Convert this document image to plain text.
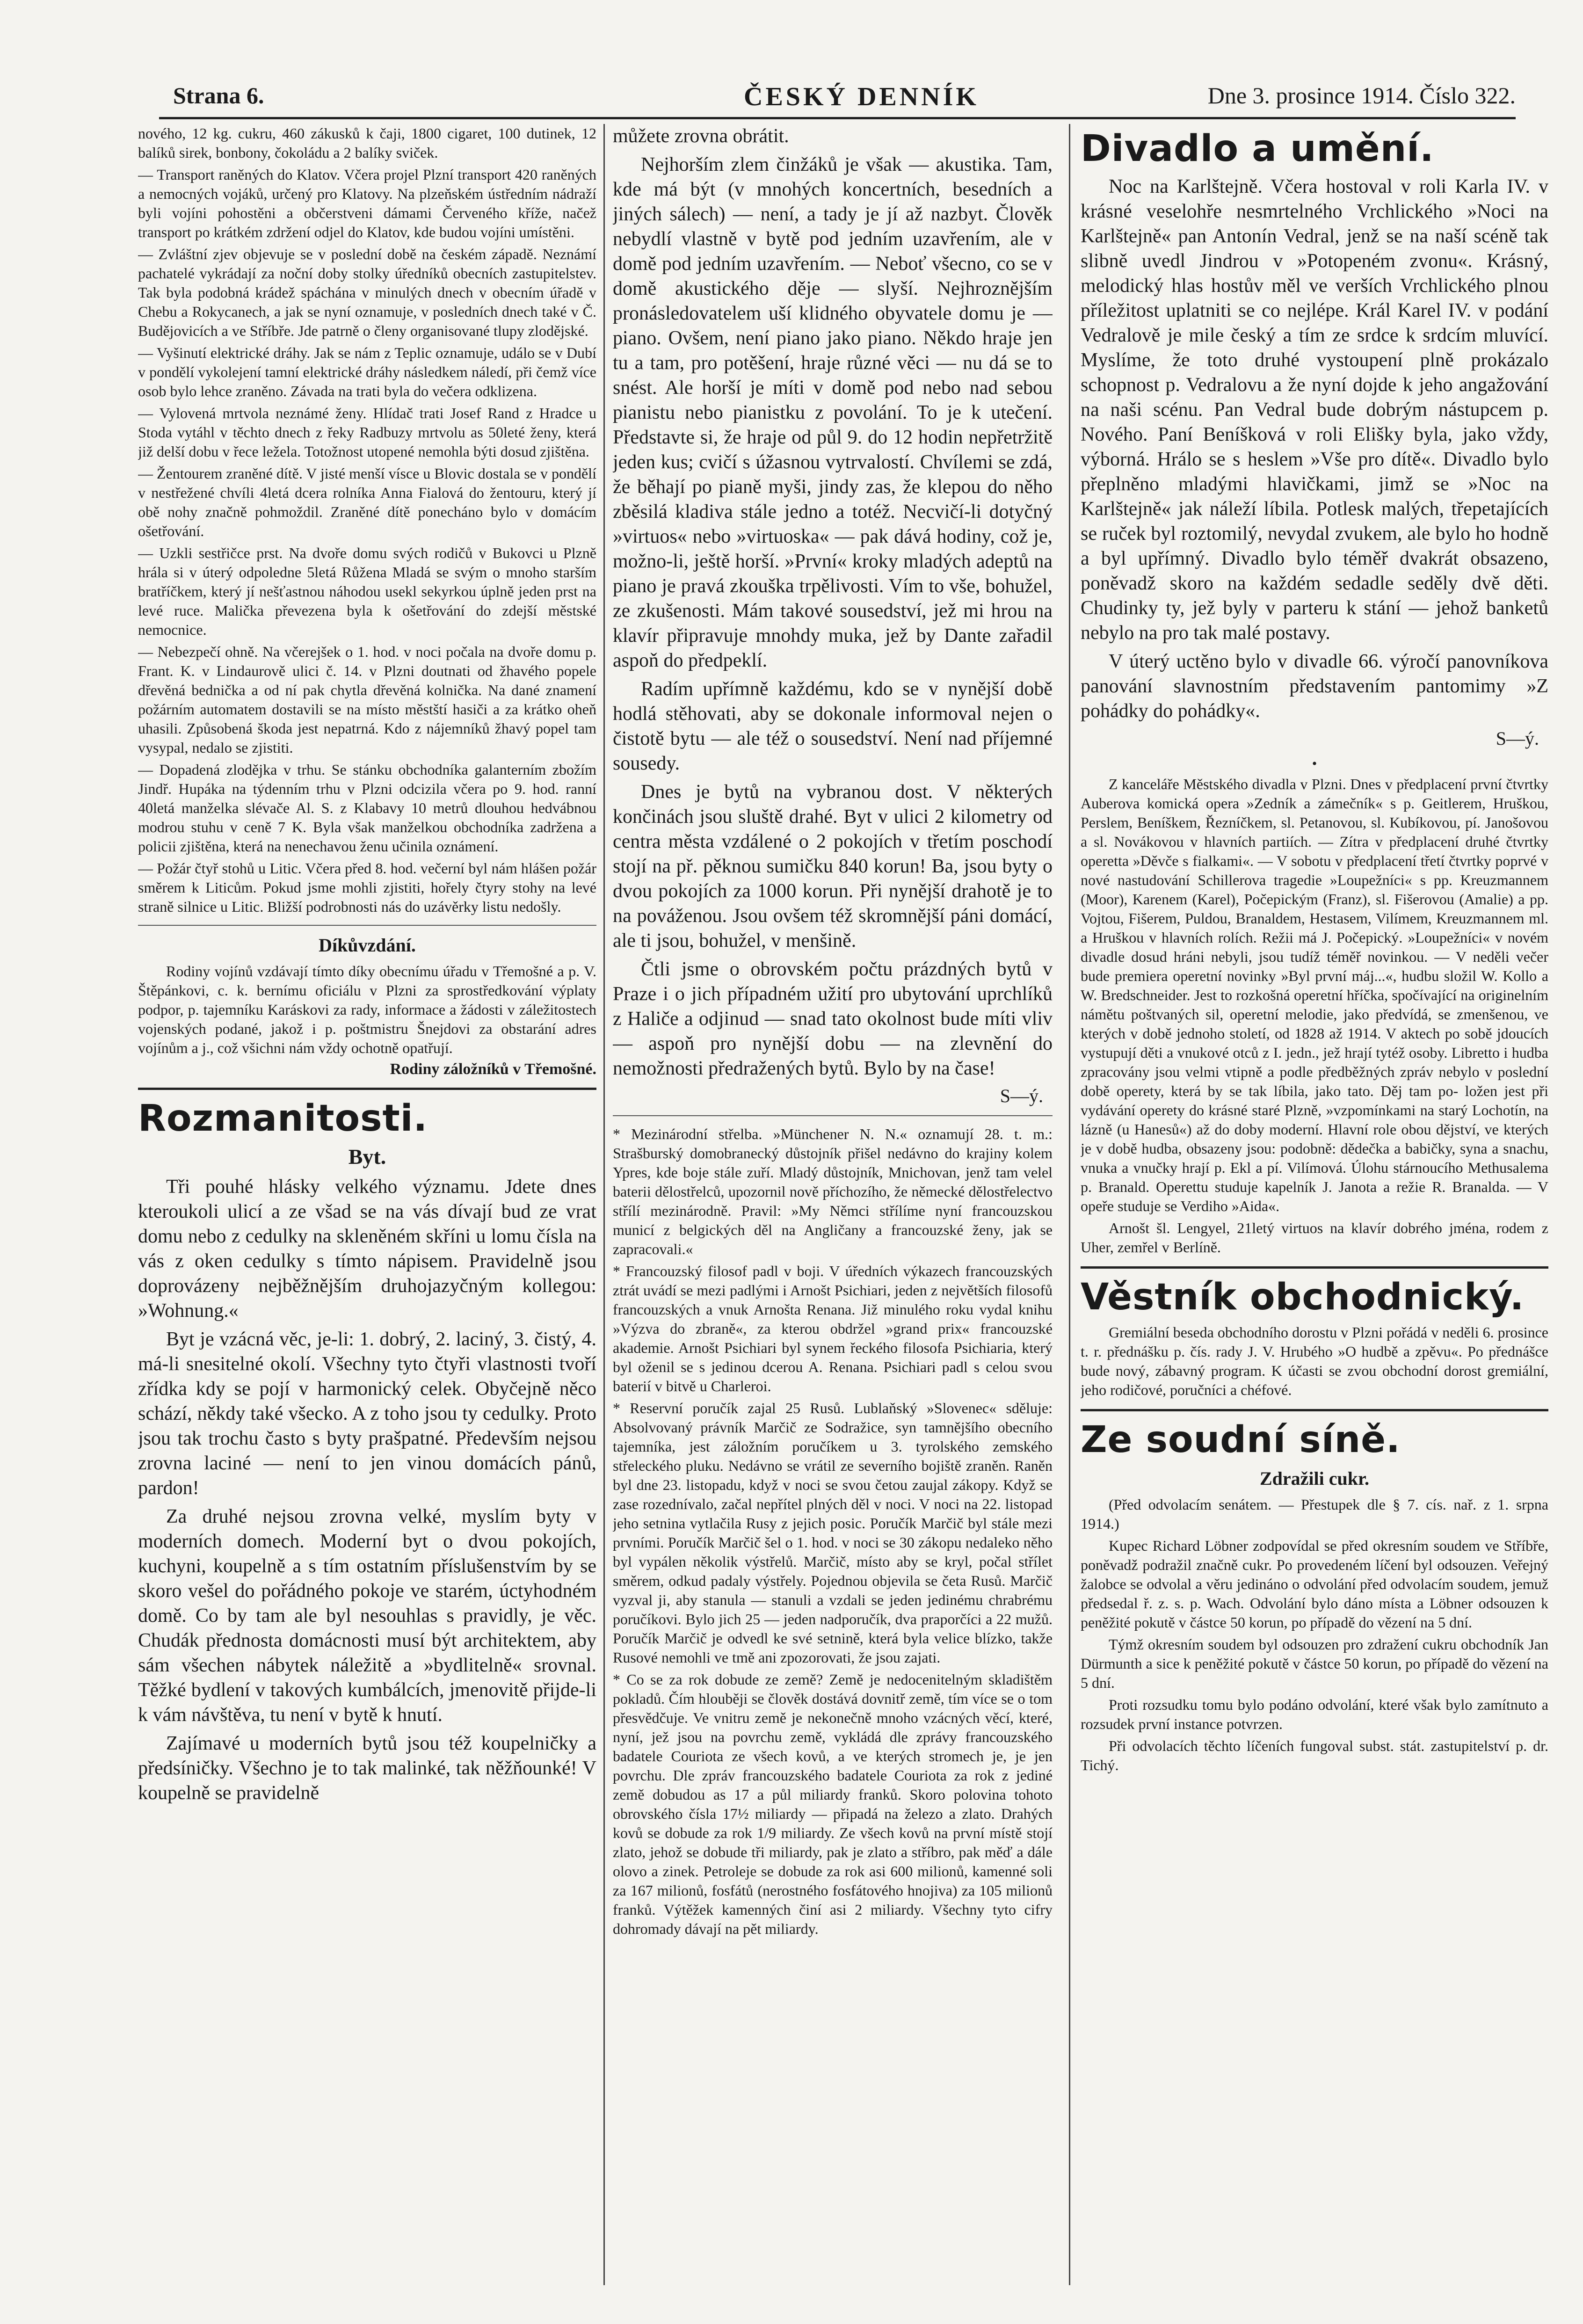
Strana 6.	ČESKÝ DENNÍK	Dne 3. prosince 1914. Číslo 322.

nového, 12 kg. cukru, 460 zákusků k čaji, 1800 cigaret, 100 dutinek, 12 balíků sirek, bonbony, čokoládu a 2 balíky sviček.

— Transport raněných do Klatov. Včera projel Plzní transport 420 raněných a nemocných vojáků, určený pro Klatovy. Na plzeňském ústředním nádraží byli vojíni pohostěni a občerstveni dámami Červeného kříže, načež transport po krátkém zdržení odjel do Klatov, kde budou vojíni umístěni.

— Zvláštní zjev objevuje se v poslední době na českém západě. Neznámí pachatelé vykrádají za noční doby stolky úředníků obecních zastupitelstev. Tak byla podobná krádež spáchána v minulých dnech v obecním úřadě v Chebu a Rokycanech, a jak se nyní oznamuje, v posledních dnech také v Č. Budějovicích a ve Stříbře. Jde patrně o členy organisované tlupy zlodějské.

— Vyšinutí elektrické dráhy. Jak se nám z Teplic oznamuje, událo se v Dubí v pondělí vykolejení tamní elektrické dráhy následkem náledí, při čemž více osob bylo lehce zraněno. Závada na trati byla do večera odklizena.

— Vylovená mrtvola neznámé ženy. Hlídač trati Josef Rand z Hradce u Stoda vytáhl v těchto dnech z řeky Radbuzy mrtvolu as 50leté ženy, která již delší dobu v řece ležela. Totožnost utopené nemohla býti dosud zjištěna.

— Žentourem zraněné dítě. V jisté menší vísce u Blovic dostala se v pondělí v nestřežené chvíli 4letá dcera rolníka Anna Fialová do žentouru, který jí obě nohy značně pohmoždil. Zraněné dítě ponecháno bylo v domácím ošetřování.

— Uzkli sestřičce prst. Na dvoře domu svých rodičů v Bukovci u Plzně hrála si v úterý odpoledne 5letá Růžena Mladá se svým o mnoho starším bratříčkem, který jí nešťastnou náhodou usekl sekyrkou úplně jeden prst na levé ruce. Malička převezena byla k ošetřování do zdejší městské nemocnice.

— Nebezpečí ohně. Na včerejšek o 1. hod. v noci počala na dvoře domu p. Frant. K. v Lindaurově ulici č. 14. v Plzni doutnati od žhavého popele dřevěná bednička a od ní pak chytla dřevěná kolnička. Na dané znamení požárním automatem dostavili se na místo městští hasiči a za krátko oheň uhasili. Způsobená škoda jest nepatrná. Kdo z nájemníků žhavý popel tam vysypal, nedalo se zjistiti.

— Dopadená zlodějka v trhu. Se stánku obchodníka galanterním zbožím Jindř. Hupáka na týdenním trhu v Plzni odcizila včera po 9. hod. ranní 40letá manželka slévače Al. S. z Klabavy 10 metrů dlouhou hedvábnou modrou stuhu v ceně 7 K. Byla však manželkou obchodníka zadržena a policii zjištěna, která na nenechavou ženu učinila oznámení.

— Požár čtyř stohů u Litic. Včera před 8. hod. večerní byl nám hlášen požár směrem k Liticům. Pokud jsme mohli zjistiti, hořely čtyry stohy na levé straně silnice u Litic. Bližší podrobnosti nás do uzávěrky listu nedošly.

Díkůvzdání.

Rodiny vojínů vzdávají tímto díky obecnímu úřadu v Třemošné a p. V. Štěpánkovi, c. k. bernímu oficiálu v Plzni za sprostředkování výplaty podpor, p. tajemníku Karáskovi za rady, informace a žádosti v záležitostech vojenských podané, jakož i p. poštmistru Šnejdovi za obstarání adres vojínům a j., což všichni nám vždy ochotně opatřují.

Rodiny záložníků v Třemošné.
Rozmanitosti.
Byt.

Tři pouhé hlásky velkého významu. Jdete dnes kteroukoli ulicí a ze všad se na vás dívají bud ze vrat domu nebo z cedulky na skleněném skříni u lomu čísla na vás z oken cedulky s tímto nápisem. Pravidelně jsou doprovázeny nejběžnějším druhojazyčným kollegou: »Wohnung.«

Byt je vzácná věc, je-li: 1. dobrý, 2. laciný, 3. čistý, 4. má-li snesitelné okolí. Všechny tyto čtyři vlastnosti tvoří zřídka kdy se pojí v harmonický celek. Obyčejně něco schází, někdy také všecko. A z toho jsou ty cedulky. Proto jsou tak trochu často s byty prašpatné. Především nejsou zrovna laciné — není to jen vinou domácích pánů, pardon!

Za druhé nejsou zrovna velké, myslím byty v moderních domech. Moderní byt o dvou pokojích, kuchyni, koupelně a s tím ostatním příslušenstvím by se skoro vešel do pořádného pokoje ve starém, úctyhodném domě. Co by tam ale byl nesouhlas s pravidly, je věc. Chudák přednosta domácnosti musí být architektem, aby sám všechen nábytek náležitě a »bydlitelně« srovnal. Těžké bydlení v takových kumbálcích, jmenovitě přijde-li k vám návštěva, tu není v bytě k hnutí.

Zajímavé u moderních bytů jsou též koupelničky a předsíničky. Všechno je to tak malinké, tak něžňounké! V koupelně se pravidelně

můžete zrovna obrátit.

Nejhorším zlem činžáků je však — akustika. Tam, kde má být (v mnohých koncertních, besedních a jiných sálech) — není, a tady je jí až nazbyt. Člověk nebydlí vlastně v bytě pod jedním uzavřením, ale v domě pod jedním uzavřením. — Neboť všecno, co se v domě akustického děje — slyší. Nejhroznějším pronásledovatelem uší klidného obyvatele domu je — piano. Ovšem, není piano jako piano. Někdo hraje jen tu a tam, pro potěšení, hraje různé věci — nu dá se to snést. Ale horší je míti v domě pod nebo nad sebou pianistu nebo pianistku z povolání. To je k utečení. Představte si, že hraje od půl 9. do 12 hodin nepřetržitě jeden kus; cvičí s úžasnou vytrvalostí. Chvílemi se zdá, že běhají po pianě myši, jindy zas, že klepou do něho zběsilá kladiva stále jedno a totéž. Necvičí-li dotyčný »virtuos« nebo »virtuoska« — pak dává hodiny, což je, možno-li, ještě horší. »První« kroky mladých adeptů na piano je pravá zkouška trpělivosti. Vím to vše, bohužel, ze zkušenosti. Mám takové sousedství, jež mi hrou na klavír připravuje mnohdy muka, jež by Dante zařadil aspoň do předpeklí.

Radím upřímně každému, kdo se v nynější době hodlá stěhovati, aby se dokonale informoval nejen o čistotě bytu — ale též o sousedství. Není nad příjemné sousedy.

Dnes je bytů na vybranou dost. V některých končinách jsou sluště drahé. Byt v ulici 2 kilometry od centra města vzdálené o 2 pokojích v třetím poschodí stojí na př. pěknou sumičku 840 korun! Ba, jsou byty o dvou pokojích za 1000 korun. Při nynější drahotě je to na pováženou. Jsou ovšem též skromnější páni domácí, ale ti jsou, bohužel, v menšině.

Čtli jsme o obrovském počtu prázdných bytů v Praze i o jich případném užití pro ubytování uprchlíků z Haliče a odjinud — snad tato okolnost bude míti vliv — aspoň pro nynější dobu — na zlevnění do nemožnosti předražených bytů. Bylo by na čase!

S—ý.

* Mezinárodní střelba. »Münchener N. N.« oznamují 28. t. m.: Strašburský domobranecký důstojník přišel nedávno do krajiny kolem Ypres, kde boje stále zuří. Mladý důstojník, Mnichovan, jenž tam velel baterii dělostřelců, upozornil nově příchozího, že německé dělostřelectvo střílí mezinárodně. Pravil: »My Němci střílíme nyní francouzskou municí z belgických děl na Angličany a francouzské ženy, jak se zapracovali.«

* Francouzský filosof padl v boji. V úředních výkazech francouzských ztrát uvádí se mezi padlými i Arnošt Psichiari, jeden z největších filosofů francouzských a vnuk Arnošta Renana. Již minulého roku vydal knihu »Výzva do zbraně«, za kterou obdržel »grand prix« francouzské akademie. Arnošt Psichiari byl synem řeckého filosofa Psichiaria, který byl oženil se s jedinou dcerou A. Renana. Psichiari padl s celou svou baterií v bitvě u Charleroi.

* Reservní poručík zajal 25 Rusů. Lublaňský »Slovenec« sděluje: Absolvovaný právník Marčič ze Sodražice, syn tamnějšího obecního tajemníka, jest záložním poručíkem u 3. tyrolského zemského střeleckého pluku. Nedávno se vrátil ze severního bojiště zraněn. Raněn byl dne 23. listopadu, když v noci se svou četou zaujal zákopy. Když se zase rozednívalo, začal nepřítel plných děl v noci. V noci na 22. listopad jeho setnina vytlačila Rusy z jejich posic. Poručík Marčič byl stále mezi prvními. Poručík Marčič šel o 1. hod. v noci se 30 zákopu nedaleko něho byl vypálen několik výstřelů. Marčič, místo aby se kryl, počal střílet směrem, odkud padaly výstřely. Pojednou objevila se četa Rusů. Marčič vyzval ji, aby stanula — stanuli a vzdali se jeden jedinému chrabrému poručíkovi. Bylo jich 25 — jeden nadporučík, dva praporčíci a 22 mužů. Poručík Marčič je odvedl ke své setnině, která byla velice blízko, takže Rusové nemohli ve tmě ani zpozorovati, že jsou zajati.

* Co se za rok dobude ze země? Země je nedocenitelným skladištěm pokladů. Čím hlouběji se člověk dostává dovnitř země, tím více se o tom přesvědčuje. Ve vnitru země je nekonečně mnoho vzácných věcí, které, nyní, jež jsou na povrchu země, vykládá dle zprávy francouzského badatele Couriota ze všech kovů, a ve kterých stromech je, je jen povrchu. Dle zpráv francouzského badatele Couriota za rok z jediné země dobudou as 17 a půl miliardy franků. Skoro polovina tohoto obrovského čísla 17½ miliardy — připadá na železo a zlato. Drahých kovů se dobude za rok 1/9 miliardy. Ze všech kovů na první místě stojí zlato, jehož se dobude tři miliardy, pak je zlato a stříbro, pak měď a dále olovo a zinek. Petroleje se dobude za rok asi 600 milionů, kamenné soli za 167 milionů, fosfátů (nerostného fosfátového hnojiva) za 105 milionů franků. Výtěžek kamenných činí asi 2 miliardy. Všechny tyto cifry dohromady dávají na pět miliardy.

Divadlo a umění.

Noc na Karlštejně. Včera hostoval v roli Karla IV. v krásné veselohře nesmrtelného Vrchlického »Noci na Karlštejně« pan Antonín Vedral, jenž se na naší scéně tak slibně uvedl Jindrou v »Potopeném zvonu«. Krásný, melodický hlas hostův měl ve verších Vrchlického plnou příležitost uplatniti se co nejlépe. Král Karel IV. v podání Vedralově je mile český a tím ze srdce k srdcím mluvící. Myslíme, že toto druhé vystoupení plně prokázalo schopnost p. Vedralovu a že nyní dojde k jeho angažování na naši scénu. Pan Vedral bude dobrým nástupcem p. Nového. Paní Beníšková v roli Elišky byla, jako vždy, výborná. Hrálo se s heslem »Vše pro dítě«. Divadlo bylo přeplněno mladými hlavičkami, jimž se »Noc na Karlštejně« jak náleží líbila. Potlesk malých, třepetajících se ruček byl roztomilý, nevydal zvukem, ale bylo ho hodně a byl upřímný. Divadlo bylo téměř dvakrát obsazeno, poněvadž skoro na každém sedadle seděly dvě děti. Chudinky ty, jež byly v parteru k stání — jehož banketů nebylo na pro tak malé postavy.

V úterý uctěno bylo v divadle 66. výročí panovníkova panování slavnostním představením pantomimy »Z pohádky do pohádky«.

S—ý.
•

Z kanceláře Městského divadla v Plzni. Dnes v předplacení první čtvrtky Auberova komická opera »Zedník a zámečník« s p. Geitlerem, Hruškou, Perslem, Beníškem, Řezníčkem, sl. Petanovou, sl. Kubíkovou, pí. Janošovou a sl. Novákovou v hlavních partiích. — Zítra v předplacení druhé čtvrtky operetta »Děvče s fialkami«. — V sobotu v předplacení třetí čtvrtky poprvé v nové nastudování Schillerova tragedie »Loupežníci« s pp. Kreuzmannem (Moor), Karenem (Karel), Počepickým (Franz), sl. Fišerovou (Amalie) a pp. Vojtou, Fišerem, Puldou, Branaldem, Hestasem, Vilímem, Kreuzmannem ml. a Hruškou v hlavních rolích. Režii má J. Počepický. »Loupežníci« v novém divadle dosud hráni nebyli, jsou tudíž téměř novinkou. — V neděli večer bude premiera operetní novinky »Byl první máj...«, hudbu složil W. Kollo a W. Bredschneider. Jest to rozkošná operetní hříčka, spočívající na originelním námětu poštvaných sil, operetní melodie, jako předvídá, se zmenšenou, ve kterých v době jednoho století, od 1828 až 1914. V aktech po sobě jdoucích vystupují děti a vnukové otců z I. jedn., jež hrají tytéž osoby. Libretto i hudba zpracovány jsou velmi vtipně a podle předběžných zpráv nebylo v poslední době operety, která by se tak líbila, jako tato. Děj tam po- ložen jest při vydávání operety do krásné staré Plzně, »vzpomínkami na starý Lochotín, na lázně (u Hanesů«) až do doby moderní. Hlavní role obou dějství, ve kterých je v době hudba, obsazeny jsou: podobně: dědečka a babičky, syna a snachu, vnuka a vnučky hrají p. Ekl a pí. Vilímová. Úlohu stárnoucího Methusalema p. Branald. Operettu studuje kapelník J. Janota a režie R. Branalda. — V opeře studuje se Verdiho »Aida«.

Arnošt šl. Lengyel, 21letý virtuos na klavír dobrého jména, rodem z Uher, zemřel v Berlíně.

Věstník obchodnický.

Gremiální beseda obchodního dorostu v Plzni pořádá v neděli 6. prosince t. r. přednášku p. čís. rady J. V. Hrubého »O hudbě a zpěvu«. Po přednášce bude nový, zábavný program. K účasti se zvou obchodní dorost gremiální, jeho rodičové, poručníci a chéfové.

Ze soudní síně.
Zdražili cukr.

(Před odvolacím senátem. — Přestupek dle § 7. cís. nař. z 1. srpna 1914.)

Kupec Richard Löbner zodpovídal se před okresním soudem ve Stříbře, poněvadž podražil značně cukr. Po provedeném líčení byl odsouzen. Veřejný žalobce se odvolal a věru jedináno o odvolání před odvolacím soudem, jemuž předsedal ř. z. s. p. Wach. Odvolání bylo dáno místa a Löbner odsouzen k peněžité pokutě v částce 50 korun, po případě do vězení na 5 dní.

Týmž okresním soudem byl odsouzen pro zdražení cukru obchodník Jan Dürmunth a sice k peněžité pokutě v částce 50 korun, po případě do vězení na 5 dní.

Proti rozsudku tomu bylo podáno odvolání, které však bylo zamítnuto a rozsudek první instance potvrzen.

Při odvolacích těchto líčeních fungoval subst. stát. zastupitelství p. dr. Tichý.
